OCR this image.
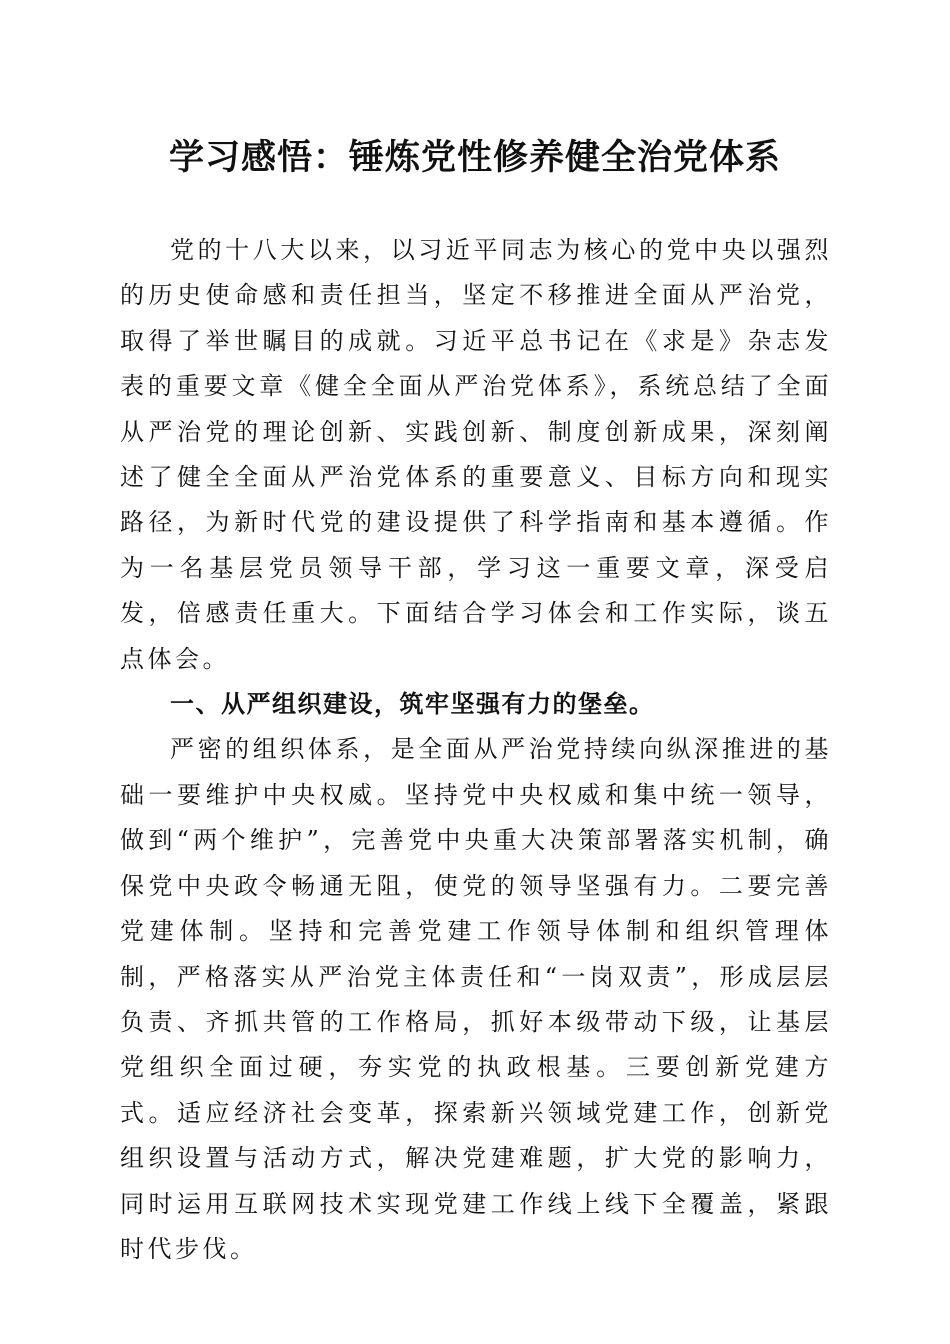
学习感悟：锤炼党性修养健全治党体系

党的十八大以来，以习近平同志为核心的党中央以强烈的历史使命感和责任担当，坚定不移推进全面从严治党，取得了举世瞩目的成就。习近平总书记在《求是》杂志发表的重要文章《健全全面从严治党体系》，系统总结了全面从严治党的理论创新、实践创新、制度创新成果，深刻阐述了健全全面从严治党体系的重要意义、目标方向和现实路径，为新时代党的建设提供了科学指南和基本遵循。作为一名基层党员领导干部，学习这一重要文章，深受启发，倍感责任重大。下面结合学习体会和工作实际，谈五点体会。

一、从严组织建设，筑牢坚强有力的堡垒。

严密的组织体系，是全面从严治党持续向纵深推进的基础一要维护中央权威。坚持党中央权威和集中统一领导，做到“两个维护”，完善党中央重大决策部署落实机制，确保党中央政令畅通无阻，使党的领导坚强有力。二要完善党建体制。坚持和完善党建工作领导体制和组织管理体制，严格落实从严治党主体责任和“一岗双责”，形成层层负责、齐抓共管的工作格局，抓好本级带动下级，让基层党组织全面过硬，夯实党的执政根基。三要创新党建方式。适应经济社会变革，探索新兴领域党建工作，创新党组织设置与活动方式，解决党建难题，扩大党的影响力，同时运用互联网技术实现党建工作线上线下全覆盖，紧跟时代步伐。
